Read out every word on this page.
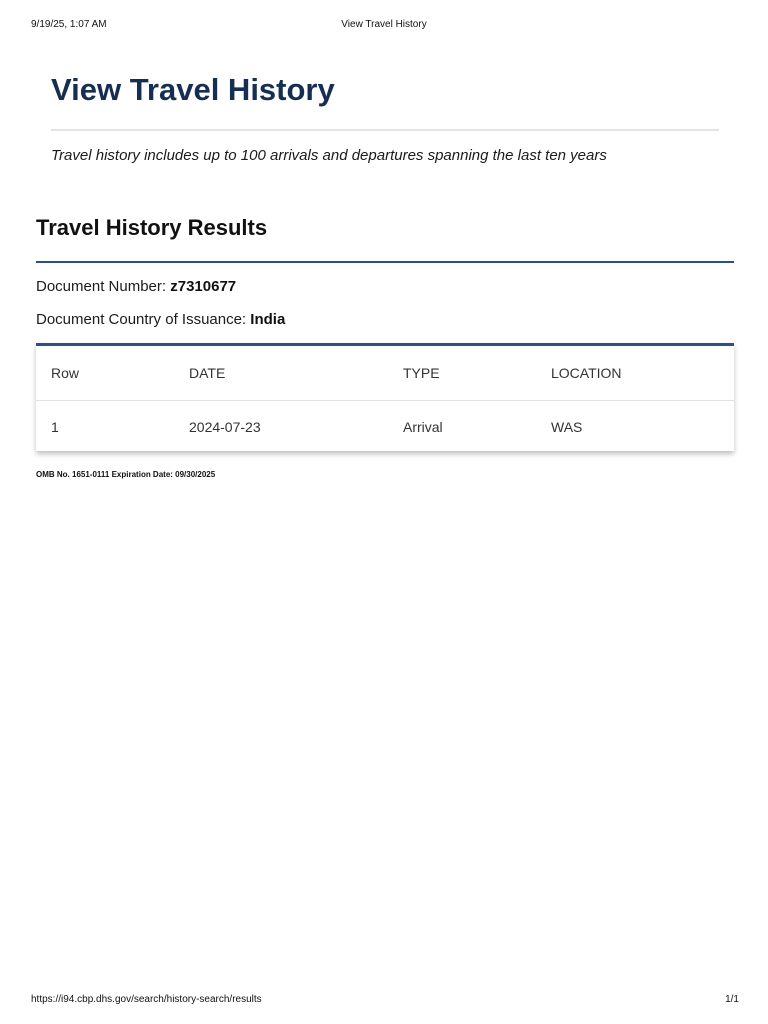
9/19/25, 1:07 AM	View Travel History
View Travel History
Travel history includes up to 100 arrivals and departures spanning the last ten years
Travel History Results
Document Number: z7310677
Document Country of Issuance: India
Row	DATE	TYPE	LOCATION
1	2024-07-23	Arrival	WAS
OMB No. 1651-0111 Expiration Date: 09/30/2025
https://i94.cbp.dhs.gov/search/history-search/results	1/1
